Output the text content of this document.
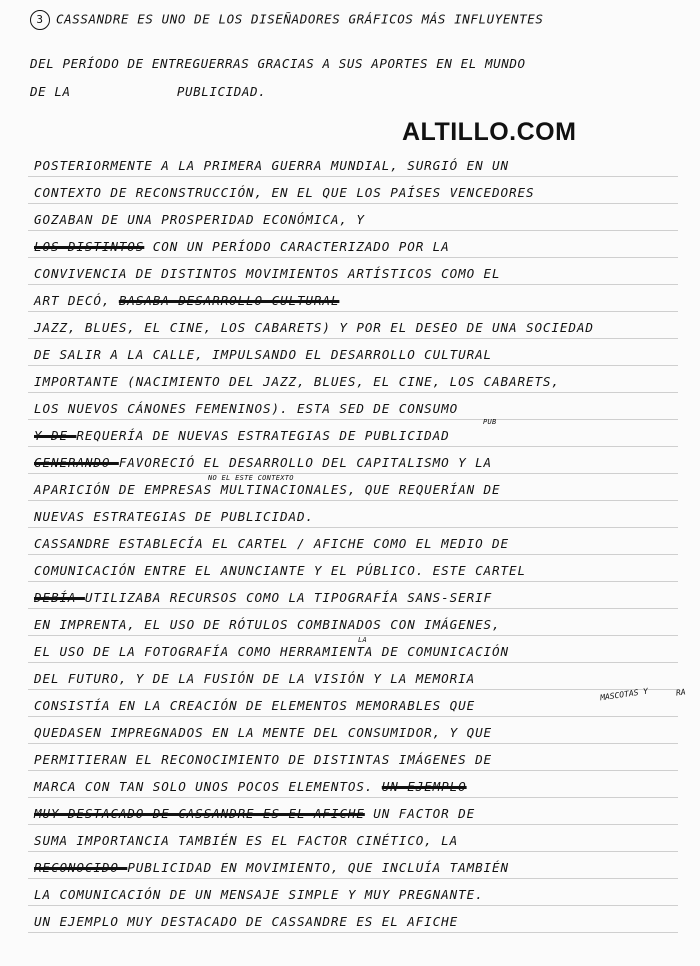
3 CASSANDRE ES UNO DE LOS DISEÑADORES GRÁFICOS MÁS INFLUYENTES
DEL PERÍODO DE ENTREGUERRAS GRACIAS A SUS APORTES EN EL MUNDO
DE LA	PUBLICIDAD.
ALTILLO.COM
POSTERIORMENTE A LA PRIMERA GUERRA MUNDIAL, SURGIÓ EN UN
CONTEXTO DE RECONSTRUCCIÓN, EN EL QUE LOS PAÍSES VENCEDORES
GOZABAN DE UNA PROSPERIDAD ECONÓMICA, Y
LOS DISTINTOS CON UN PERÍODO CARACTERIZADO POR LA
CONVIVENCIA DE DISTINTOS MOVIMIENTOS ARTÍSTICOS COMO EL
ART DECÓ, BASABA DESARROLLO CULTURAL
JAZZ, BLUES, EL CINE, LOS CABARETS) Y POR EL DESEO DE UNA SOCIEDAD
DE SALIR A LA CALLE, IMPULSANDO EL DESARROLLO CULTURAL
IMPORTANTE (NACIMIENTO DEL JAZZ, BLUES, EL CINE, LOS CABARETS,
LOS NUEVOS CÁNONES FEMENINOS). ESTA SED DE CONSUMO
PUB
Y DE REQUERÍA DE NUEVAS ESTRATEGIAS DE PUBLICIDAD
GENERANDO FAVORECIÓ EL DESARROLLO DEL CAPITALISMO Y LA
NO EL ESTE CONTEXTO
APARICIÓN DE EMPRESAS MULTINACIONALES, QUE REQUERÍAN DE
NUEVAS ESTRATEGIAS DE PUBLICIDAD.
CASSANDRE ESTABLECÍA EL CARTEL / AFICHE COMO EL MEDIO DE
COMUNICACIÓN ENTRE EL ANUNCIANTE Y EL PÚBLICO. ESTE CARTEL
DEBÍA UTILIZABA RECURSOS COMO LA TIPOGRAFÍA SANS-SERIF
EN IMPRENTA, EL USO DE RÓTULOS COMBINADOS CON IMÁGENES,
LA
EL USO DE LA FOTOGRAFÍA COMO HERRAMIENTA DE COMUNICACIÓN
DEL FUTURO, Y DE LA FUSIÓN DE LA VISIÓN Y LA MEMORIA
CONSISTÍA EN LA CREACIÓN DE ELEMENTOS MEMORABLES QUE
QUEDASEN IMPREGNADOS EN LA MENTE DEL CONSUMIDOR, Y QUE
PERMITIERAN EL RECONOCIMIENTO DE DISTINTAS IMÁGENES DE
MARCA CON TAN SOLO UNOS POCOS ELEMENTOS. UN EJEMPLO
MUY DESTACADO DE CASSANDRE ES EL AFICHE UN FACTOR DE
SUMA IMPORTANCIA TAMBIÉN ES EL FACTOR CINÉTICO, LA
RECONOCIDO PUBLICIDAD EN MOVIMIENTO, QUE INCLUÍA TAMBIÉN
LA COMUNICACIÓN DE UN MENSAJE SIMPLE Y MUY PREGNANTE.
UN EJEMPLO MUY DESTACADO DE CASSANDRE ES EL AFICHE
MASCOTAS Y	RA
